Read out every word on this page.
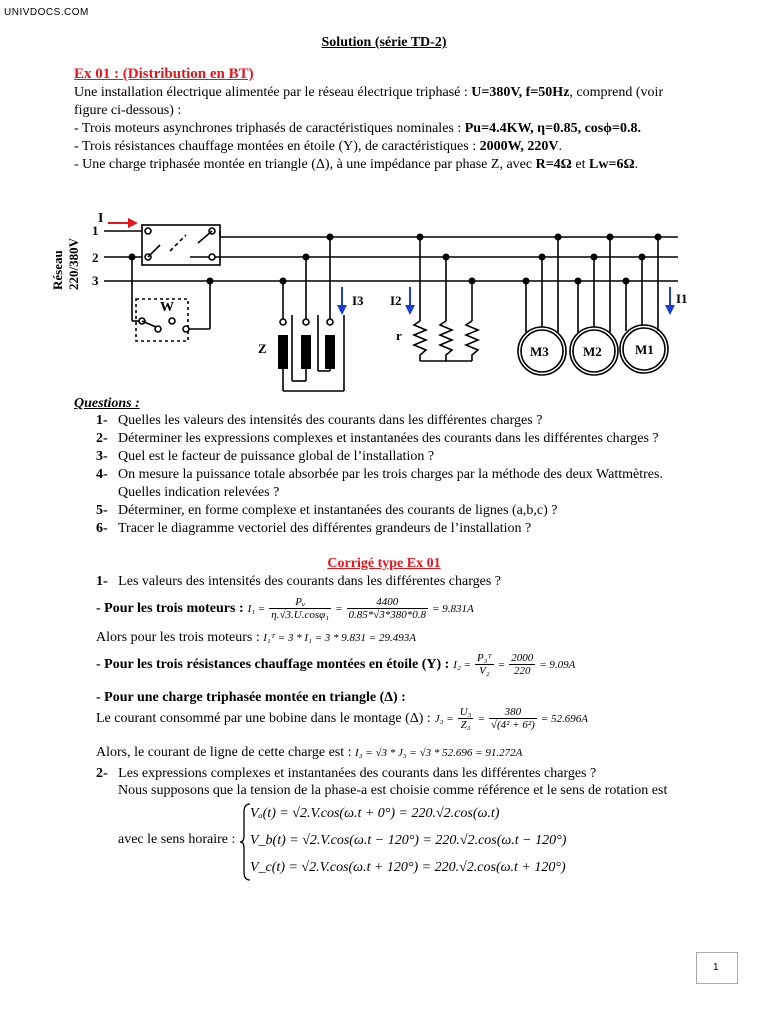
UNIVDOCS.COM
Solution (série TD-2)
Ex 01 : (Distribution en BT)
Une installation électrique alimentée par le réseau électrique triphasé : U=380V, f=50Hz, comprend (voir
figure ci-dessous) :
- Trois moteurs asynchrones triphasés de caractéristiques nominales : Pu=4.4KW, η=0.85, cosϕ=0.8.
- Trois résistances chauffage montées en étoile (Y), de caractéristiques : 2000W, 220V.
- Une charge triphasée montée en triangle (Δ), à une impédance par phase Z, avec R=4Ω et Lw=6Ω.
Réseau 220/380V
I
1
2
3
W	I3 I2	I1
Z
r
M3	M2	M1
Questions :
1- Quelles les valeurs des intensités des courants dans les différentes charges ?
2- Déterminer les expressions complexes et instantanées des courants dans les différentes charges ?
3- Quel est le facteur de puissance global de l’installation ?
4- On mesure la puissance totale absorbée par les trois charges par la méthode des deux Wattmètres.
Quelles indication relevées ?
5- Déterminer, en forme complexe et instantanées des courants de lignes (a,b,c) ?
6- Tracer le diagramme vectoriel des différentes grandeurs de l’installation ?
Corrigé type Ex 01
1- Les valeurs des intensités des courants dans les différentes charges ?
- Pour les trois moteurs : $I_1 = \frac{\text{Pᵤ}}{\text{η.√3.U.cosφ₁}} = \frac{4400}{0.85*√3*380*0.8} = 9.831A$
Alors pour les trois moteurs : I₁ᵀ = 3 * I₁ = 3 * 9.831 = 29.493A
- Pour les trois résistances chauffage montées en étoile (Y) : $I_2 = \frac{\text{P₃ᵀ}}{\text{V₂}} = \frac{2000}{220} = 9.09A$
- Pour une charge triphasée montée en triangle (Δ) :
Le courant consommé par une bobine dans le montage (Δ) : $J_3 = \frac{\text{U₃}}{\text{Z₃}} = \frac{380}{\text{√(4² + 6²)}} = 52.696A$
Alors, le courant de ligne de cette charge est : I₃ = √3 * J₃ = √3 * 52.696 = 91.272A
2- Les expressions complexes et instantanées des courants dans les différentes charges ?
Nous supposons que la tension de la phase-a est choisie comme référence et le sens de rotation est
avec le sens horaire :
Vₐ(t) = √2.V.cos(ω.t + 0°) = 220.√2.cos(ω.t)
V_b(t) = √2.V.cos(ω.t − 120°) = 220.√2.cos(ω.t − 120°)
V_c(t) = √2.V.cos(ω.t + 120°) = 220.√2.cos(ω.t + 120°)
1
